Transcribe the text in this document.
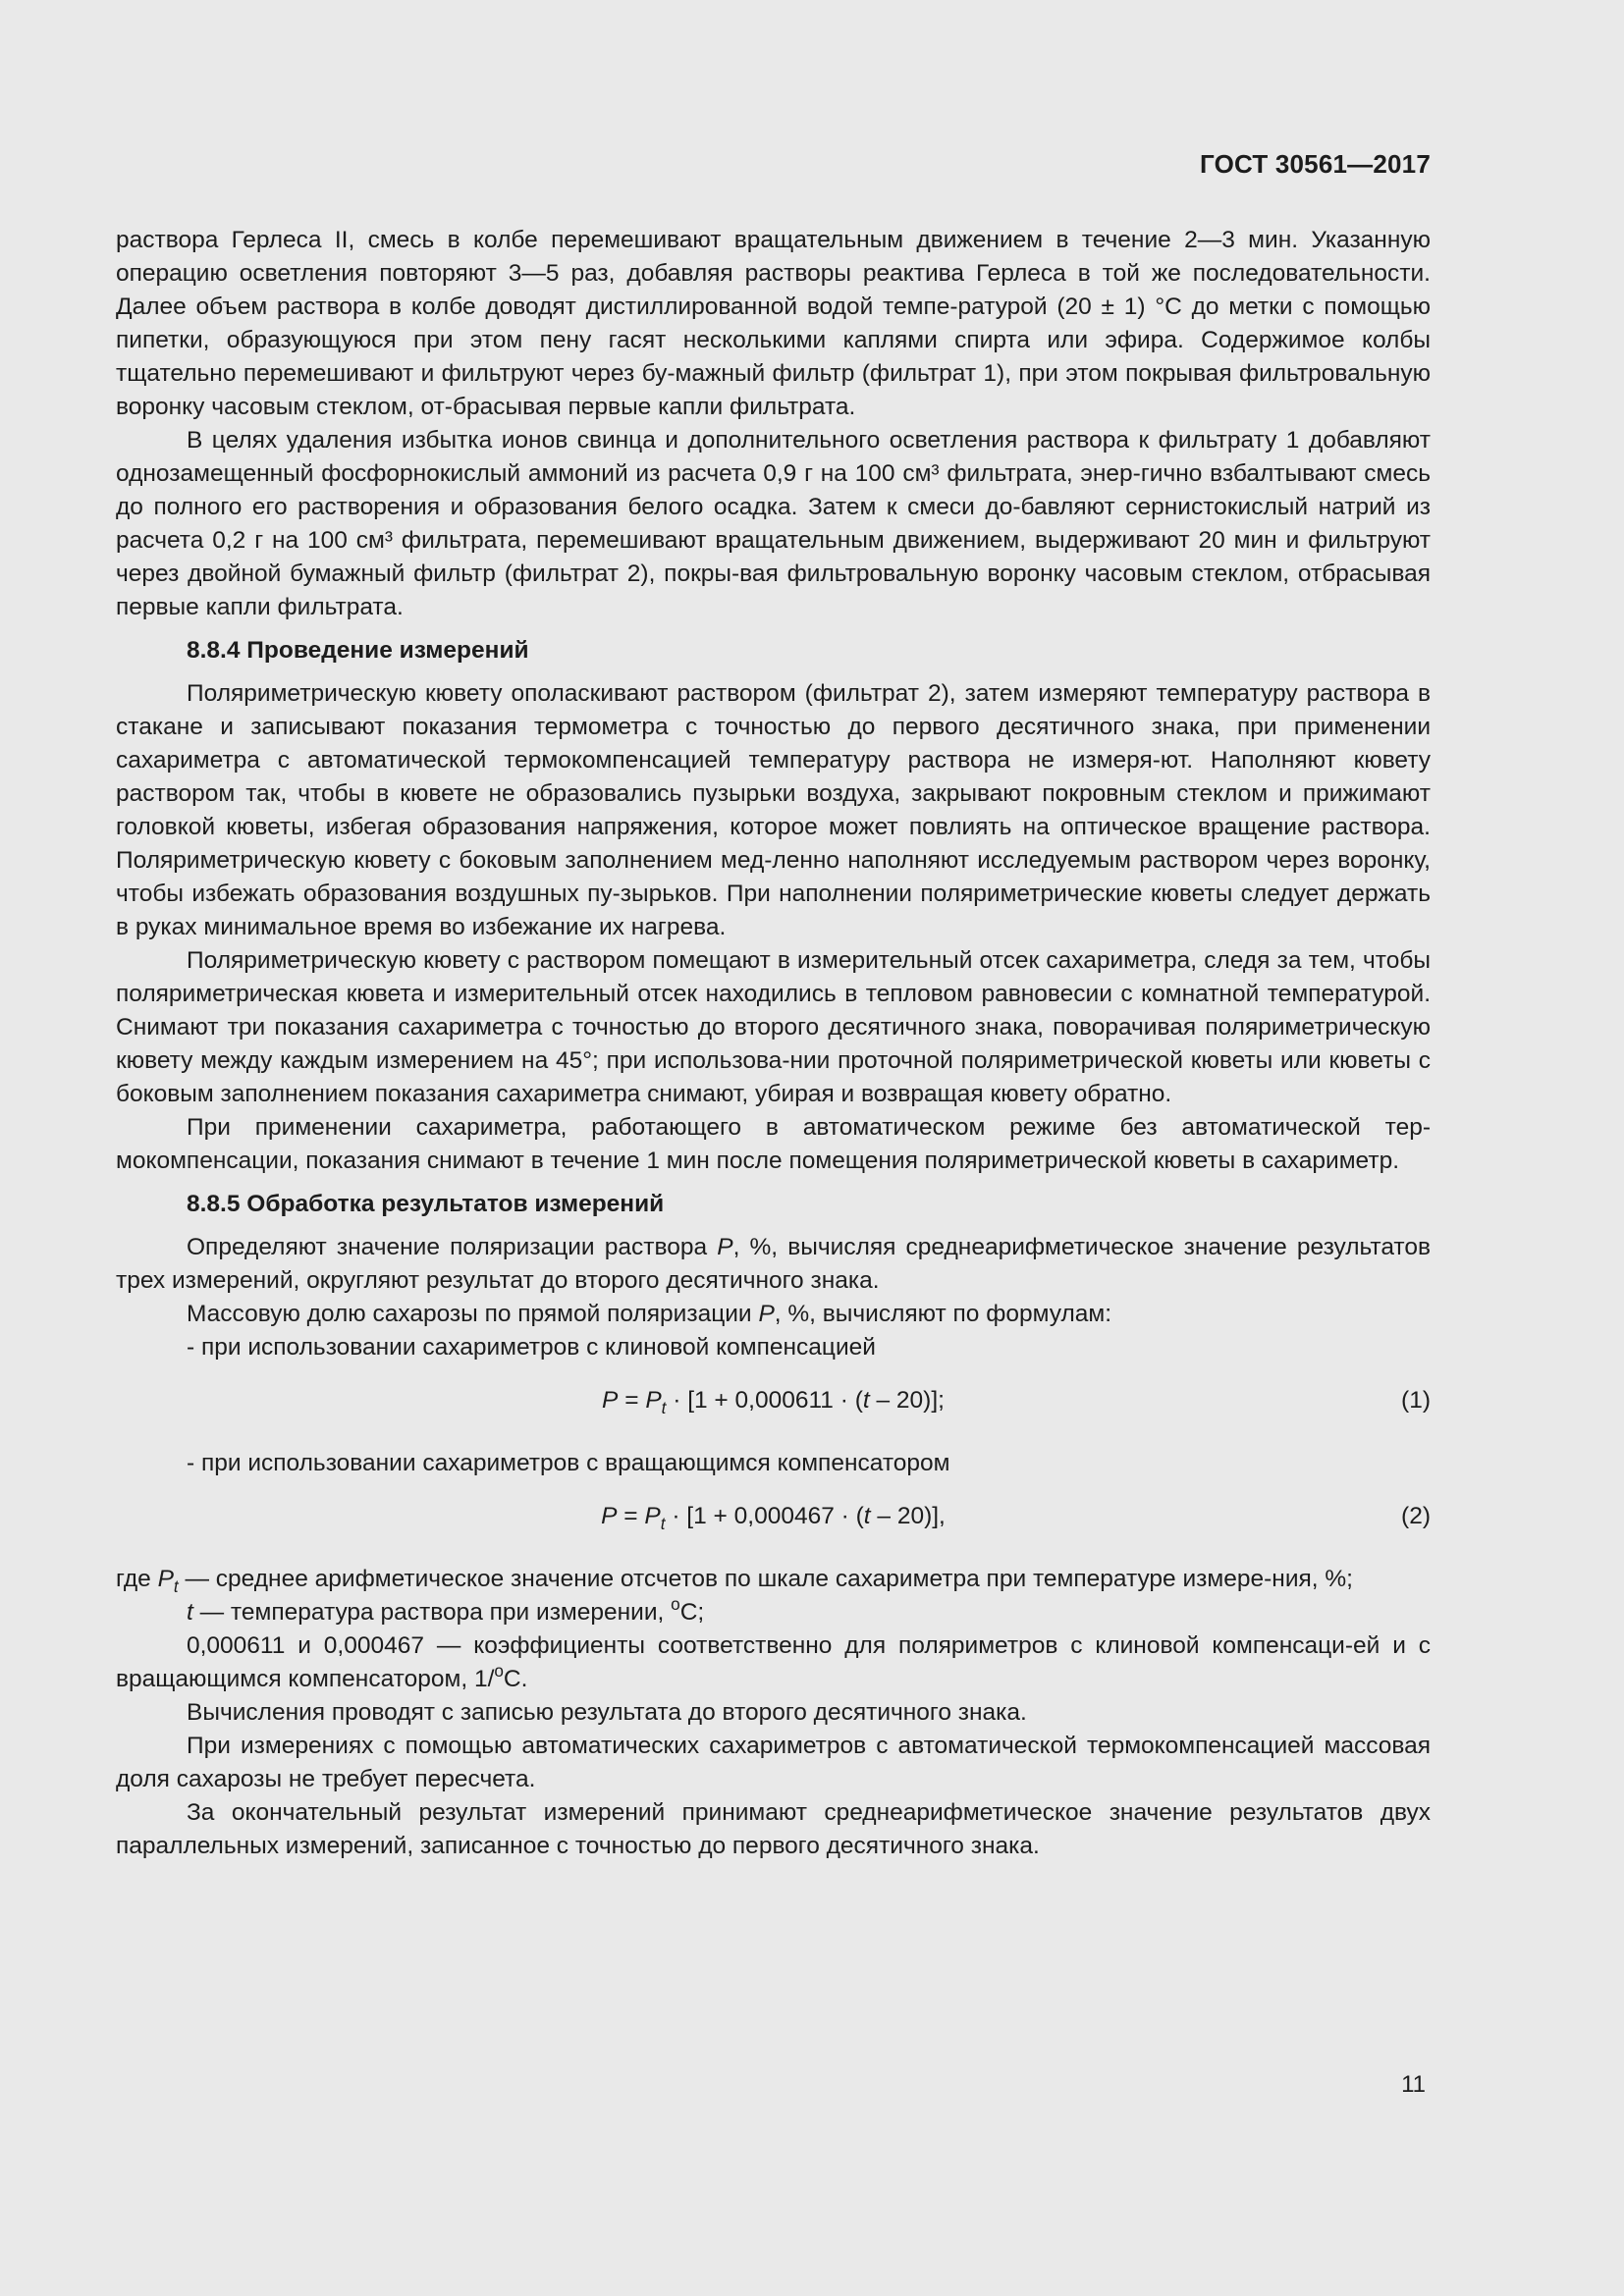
ГОСТ 30561—2017

раствора Герлеса II, смесь в колбе перемешивают вращательным движением в течение 2—3 мин. Указанную операцию осветления повторяют 3—5 раз, добавляя растворы реактива Герлеса в той же последовательности. Далее объем раствора в колбе доводят дистиллированной водой темпе-ратурой (20 ± 1) °С до метки с помощью пипетки, образующуюся при этом пену гасят несколькими каплями спирта или эфира. Содержимое колбы тщательно перемешивают и фильтруют через бу-мажный фильтр (фильтрат 1), при этом покрывая фильтровальную воронку часовым стеклом, от-брасывая первые капли фильтрата.

В целях удаления избытка ионов свинца и дополнительного осветления раствора к фильтрату 1 добавляют однозамещенный фосфорнокислый аммоний из расчета 0,9 г на 100 см³ фильтрата, энер-гично взбалтывают смесь до полного его растворения и образования белого осадка. Затем к смеси до-бавляют сернистокислый натрий из расчета 0,2 г на 100 см³ фильтрата, перемешивают вращательным движением, выдерживают 20 мин и фильтруют через двойной бумажный фильтр (фильтрат 2), покры-вая фильтровальную воронку часовым стеклом, отбрасывая первые капли фильтрата.

8.8.4 Проведение измерений

Поляриметрическую кювету ополаскивают раствором (фильтрат 2), затем измеряют температуру раствора в стакане и записывают показания термометра с точностью до первого десятичного знака, при применении сахариметра с автоматической термокомпенсацией температуру раствора не измеря-ют. Наполняют кювету раствором так, чтобы в кювете не образовались пузырьки воздуха, закрывают покровным стеклом и прижимают головкой кюветы, избегая образования напряжения, которое может повлиять на оптическое вращение раствора. Поляриметрическую кювету с боковым заполнением мед-ленно наполняют исследуемым раствором через воронку, чтобы избежать образования воздушных пу-зырьков. При наполнении поляриметрические кюветы следует держать в руках минимальное время во избежание их нагрева.

Поляриметрическую кювету с раствором помещают в измерительный отсек сахариметра, следя за тем, чтобы поляриметрическая кювета и измерительный отсек находились в тепловом равновесии с комнатной температурой. Снимают три показания сахариметра с точностью до второго десятичного знака, поворачивая поляриметрическую кювету между каждым измерением на 45°; при использова-нии проточной поляриметрической кюветы или кюветы с боковым заполнением показания сахариметра снимают, убирая и возвращая кювету обратно.

При применении сахариметра, работающего в автоматическом режиме без автоматической тер-мокомпенсации, показания снимают в течение 1 мин после помещения поляриметрической кюветы в сахариметр.

8.8.5 Обработка результатов измерений

Определяют значение поляризации раствора P, %, вычисляя среднеарифметическое значение результатов трех измерений, округляют результат до второго десятичного знака.

Массовую долю сахарозы по прямой поляризации P, %, вычисляют по формулам:

- при использовании сахариметров с клиновой компенсацией

$P = P_t \cdot [1 + 0,000611 \cdot (t - 20)]$;	(1)

- при использовании сахариметров с вращающимся компенсатором

$P = P_t \cdot [1 + 0,000467 \cdot (t - 20)]$,	(2)

где $P_t$ — среднее арифметическое значение отсчетов по шкале сахариметра при температуре измере-ния, %;

t — температура раствора при измерении, $^о$С;

0,000611 и 0,000467 — коэффициенты соответственно для поляриметров с клиновой компенсаци-ей и с вращающимся компенсатором, 1/$^о$С.

Вычисления проводят с записью результата до второго десятичного знака.

При измерениях с помощью автоматических сахариметров с автоматической термокомпенсацией массовая доля сахарозы не требует пересчета.

За окончательный результат измерений принимают среднеарифметическое значение результатов двух параллельных измерений, записанное с точностью до первого десятичного знака.

11
